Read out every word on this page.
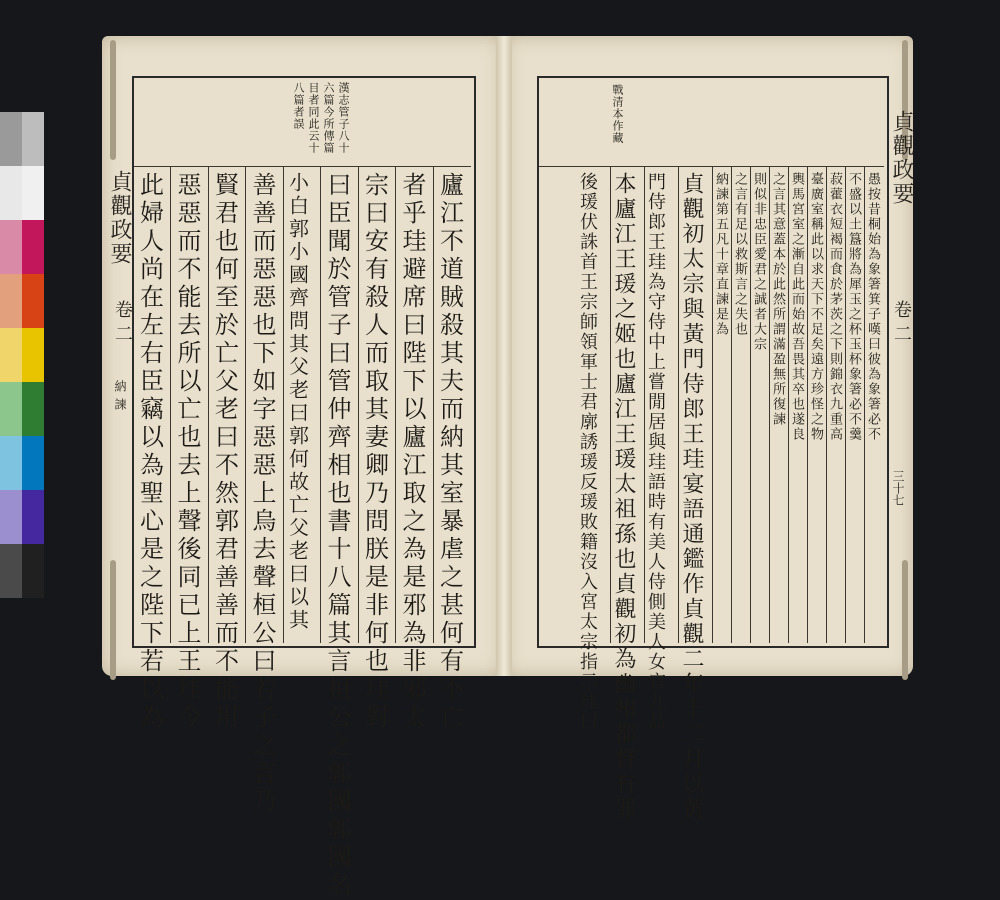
貞觀政要
卷二
納諫
漢志管子八十
六篇今所傳篇
目者同此云十
八篇者誤
廬江不道賊殺其夫而納其室暴虐之甚何有不亡
者乎珪避席曰陛下以廬江取之為是邪為非邪太
宗曰安有殺人而取其妻卿乃問朕是非何也珪對
曰臣聞於管子曰管仲齊相也書十八篇其言桓公之郭國郭國名
小白郭小國齊問其父老曰郭何故亡父老曰以其
善善而惡惡也下如字惡惡上烏去聲桓公曰若子之言乃
賢君也何至於亡父老曰不然郭君善善而不能用
惡惡而不能去所以亡也去上聲後同已上王珪今
此婦人尚在左右臣竊以為聖心是之陛下若以為
戰清本作藏	貞觀政要
卷二
三十七
愚按昔桐始為象箸箕子嘆曰彼為象箸必不
不盛以土簋將為犀玉之杯玉杯象箸必不羹
菽藿衣短褐而食於茅茨之下則錦衣九重高
臺廣室稱此以求天下不足矣遠方珍怪之物
輿馬宮室之漸自此而始故吾畏其卒也遂良
之言其意蓋本於此然所謂滿盈無所復諫
則似非忠臣愛君之誠者大宗
之言有足以救斯言之失也
納諫第五凡十章直諫是為
貞觀初太宗與黃門侍郎王珪宴語通鑑作貞觀二年十二月以黃
門侍郎王珪為守侍中上嘗閒居與珪語時有美人侍側美人女官九品
本廬江王瑗之姬也廬江王瑗太祖孫也貞觀初為幽州都督有罪
後瑗伏誅首王宗師領軍士君廓誘瑗反瑗敗籍沒入宮太宗指示珪曰
